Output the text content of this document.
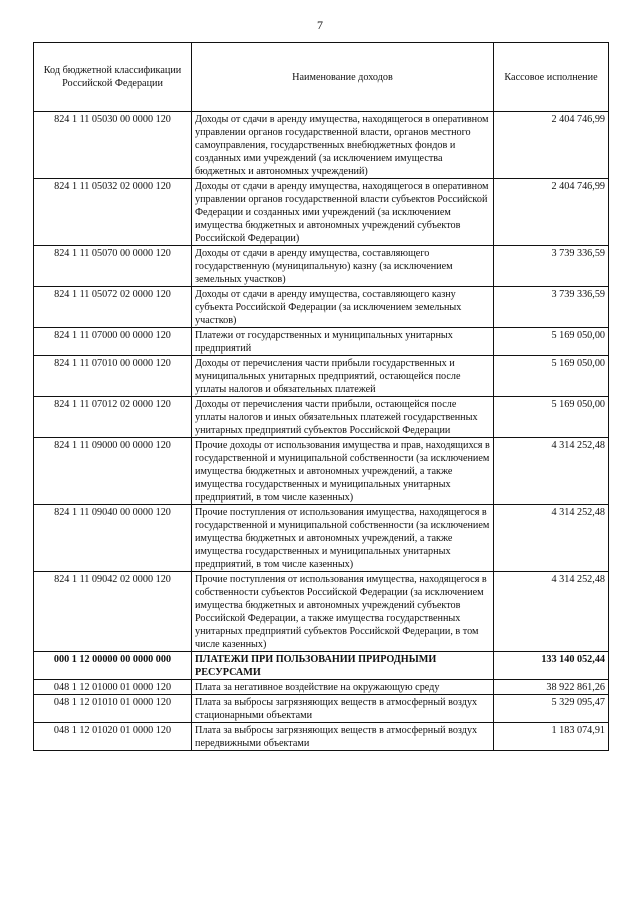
7
Код бюджетной классификации Российской Федерации	Наименование доходов	Кассовое исполнение
824 1 11 05030 00 0000 120	Доходы от сдачи в аренду имущества, находящегося в оперативном управлении органов государственной власти, органов местного самоуправления, государственных внебюджетных фондов и созданных ими учреждений (за исключением имущества бюджетных и автономных учреждений)	2 404 746,99
824 1 11 05032 02 0000 120	Доходы от сдачи в аренду имущества, находящегося в оперативном управлении органов государственной власти субъектов Российской Федерации и созданных ими учреждений (за исключением имущества бюджетных и автономных учреждений субъектов Российской Федерации)	2 404 746,99
824 1 11 05070 00 0000 120	Доходы от сдачи в аренду имущества, составляющего государственную (муниципальную) казну (за исключением земельных участков)	3 739 336,59
824 1 11 05072 02 0000 120	Доходы от сдачи в аренду имущества, составляющего казну субъекта Российской Федерации (за исключением земельных участков)	3 739 336,59
824 1 11 07000 00 0000 120	Платежи от государственных и муниципальных унитарных предприятий	5 169 050,00
824 1 11 07010 00 0000 120	Доходы от перечисления части прибыли государственных и муниципальных унитарных предприятий, остающейся после уплаты налогов и обязательных платежей	5 169 050,00
824 1 11 07012 02 0000 120	Доходы от перечисления части прибыли, остающейся после уплаты налогов и иных обязательных платежей государственных унитарных предприятий субъектов Российской Федерации	5 169 050,00
824 1 11 09000 00 0000 120	Прочие доходы от использования имущества и прав, находящихся в государственной и муниципальной собственности (за исключением имущества бюджетных и автономных учреждений, а также имущества государственных и муниципальных унитарных предприятий, в том числе казенных)	4 314 252,48
824 1 11 09040 00 0000 120	Прочие поступления от использования имущества, находящегося в государственной и муниципальной собственности (за исключением имущества бюджетных и автономных учреждений, а также имущества государственных и муниципальных унитарных предприятий, в том числе казенных)	4 314 252,48
824 1 11 09042 02 0000 120	Прочие поступления от использования имущества, находящегося в собственности субъектов Российской Федерации (за исключением имущества бюджетных и автономных учреждений субъектов Российской Федерации, а также имущества государственных унитарных предприятий субъектов Российской Федерации, в том числе казенных)	4 314 252,48
000 1 12 00000 00 0000 000	ПЛАТЕЖИ ПРИ ПОЛЬЗОВАНИИ ПРИРОДНЫМИ РЕСУРСАМИ	133 140 052,44
048 1 12 01000 01 0000 120	Плата за негативное воздействие на окружающую среду	38 922 861,26
048 1 12 01010 01 0000 120	Плата за выбросы загрязняющих веществ в атмосферный воздух стационарными объектами	5 329 095,47
048 1 12 01020 01 0000 120	Плата за выбросы загрязняющих веществ в атмосферный воздух передвижными объектами	1 183 074,91
